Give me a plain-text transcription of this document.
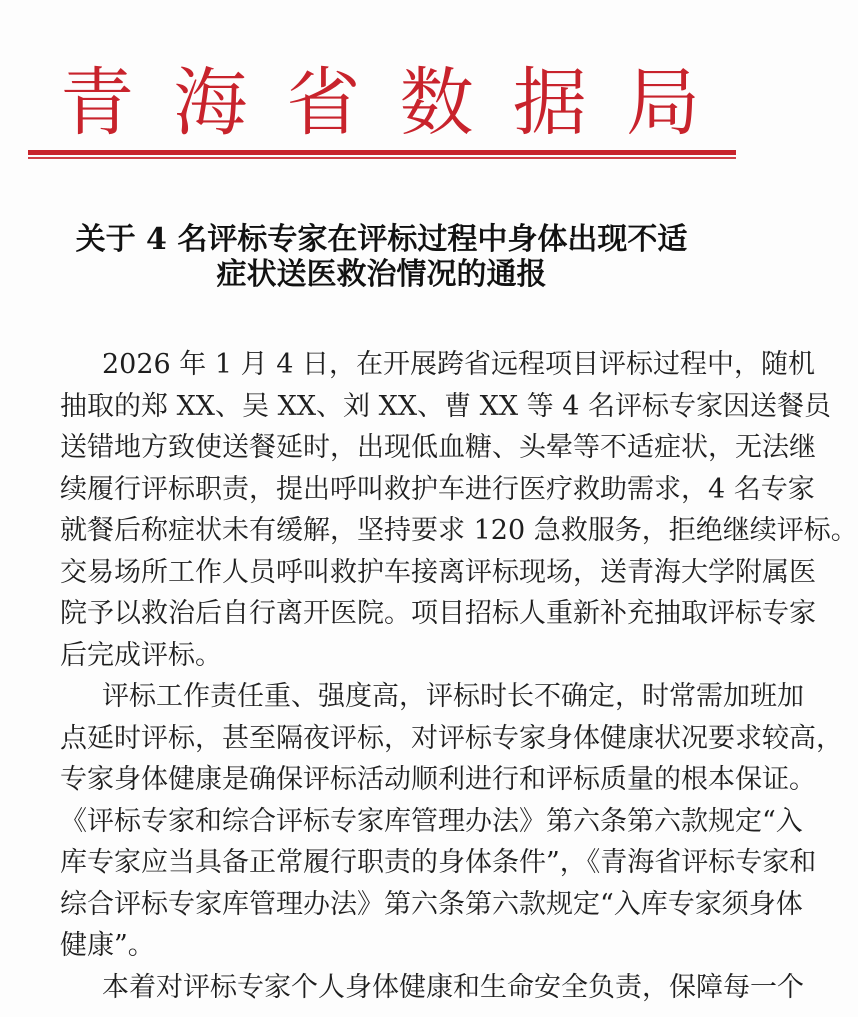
青 海 省 数 据 局
关于 4 名评标专家在评标过程中身体出现不适
症状送医救治情况的通报
2026 年 1 月 4 日，在开展跨省远程项目评标过程中，随机
抽取的郑 XX、吴 XX、刘 XX、曹 XX 等 4 名评标专家因送餐员
送错地方致使送餐延时，出现低血糖、头晕等不适症状，无法继
续履行评标职责，提出呼叫救护车进行医疗救助需求，4 名专家
就餐后称症状未有缓解，坚持要求 120 急救服务，拒绝继续评标。
交易场所工作人员呼叫救护车接离评标现场，送青海大学附属医
院予以救治后自行离开医院。项目招标人重新补充抽取评标专家
后完成评标。
评标工作责任重、强度高，评标时长不确定，时常需加班加
点延时评标，甚至隔夜评标，对评标专家身体健康状况要求较高，
专家身体健康是确保评标活动顺利进行和评标质量的根本保证。
《评标专家和综合评标专家库管理办法》第六条第六款规定“入
库专家应当具备正常履行职责的身体条件”，《青海省评标专家和
综合评标专家库管理办法》第六条第六款规定“入库专家须身体
健康”。
本着对评标专家个人身体健康和生命安全负责，保障每一个
